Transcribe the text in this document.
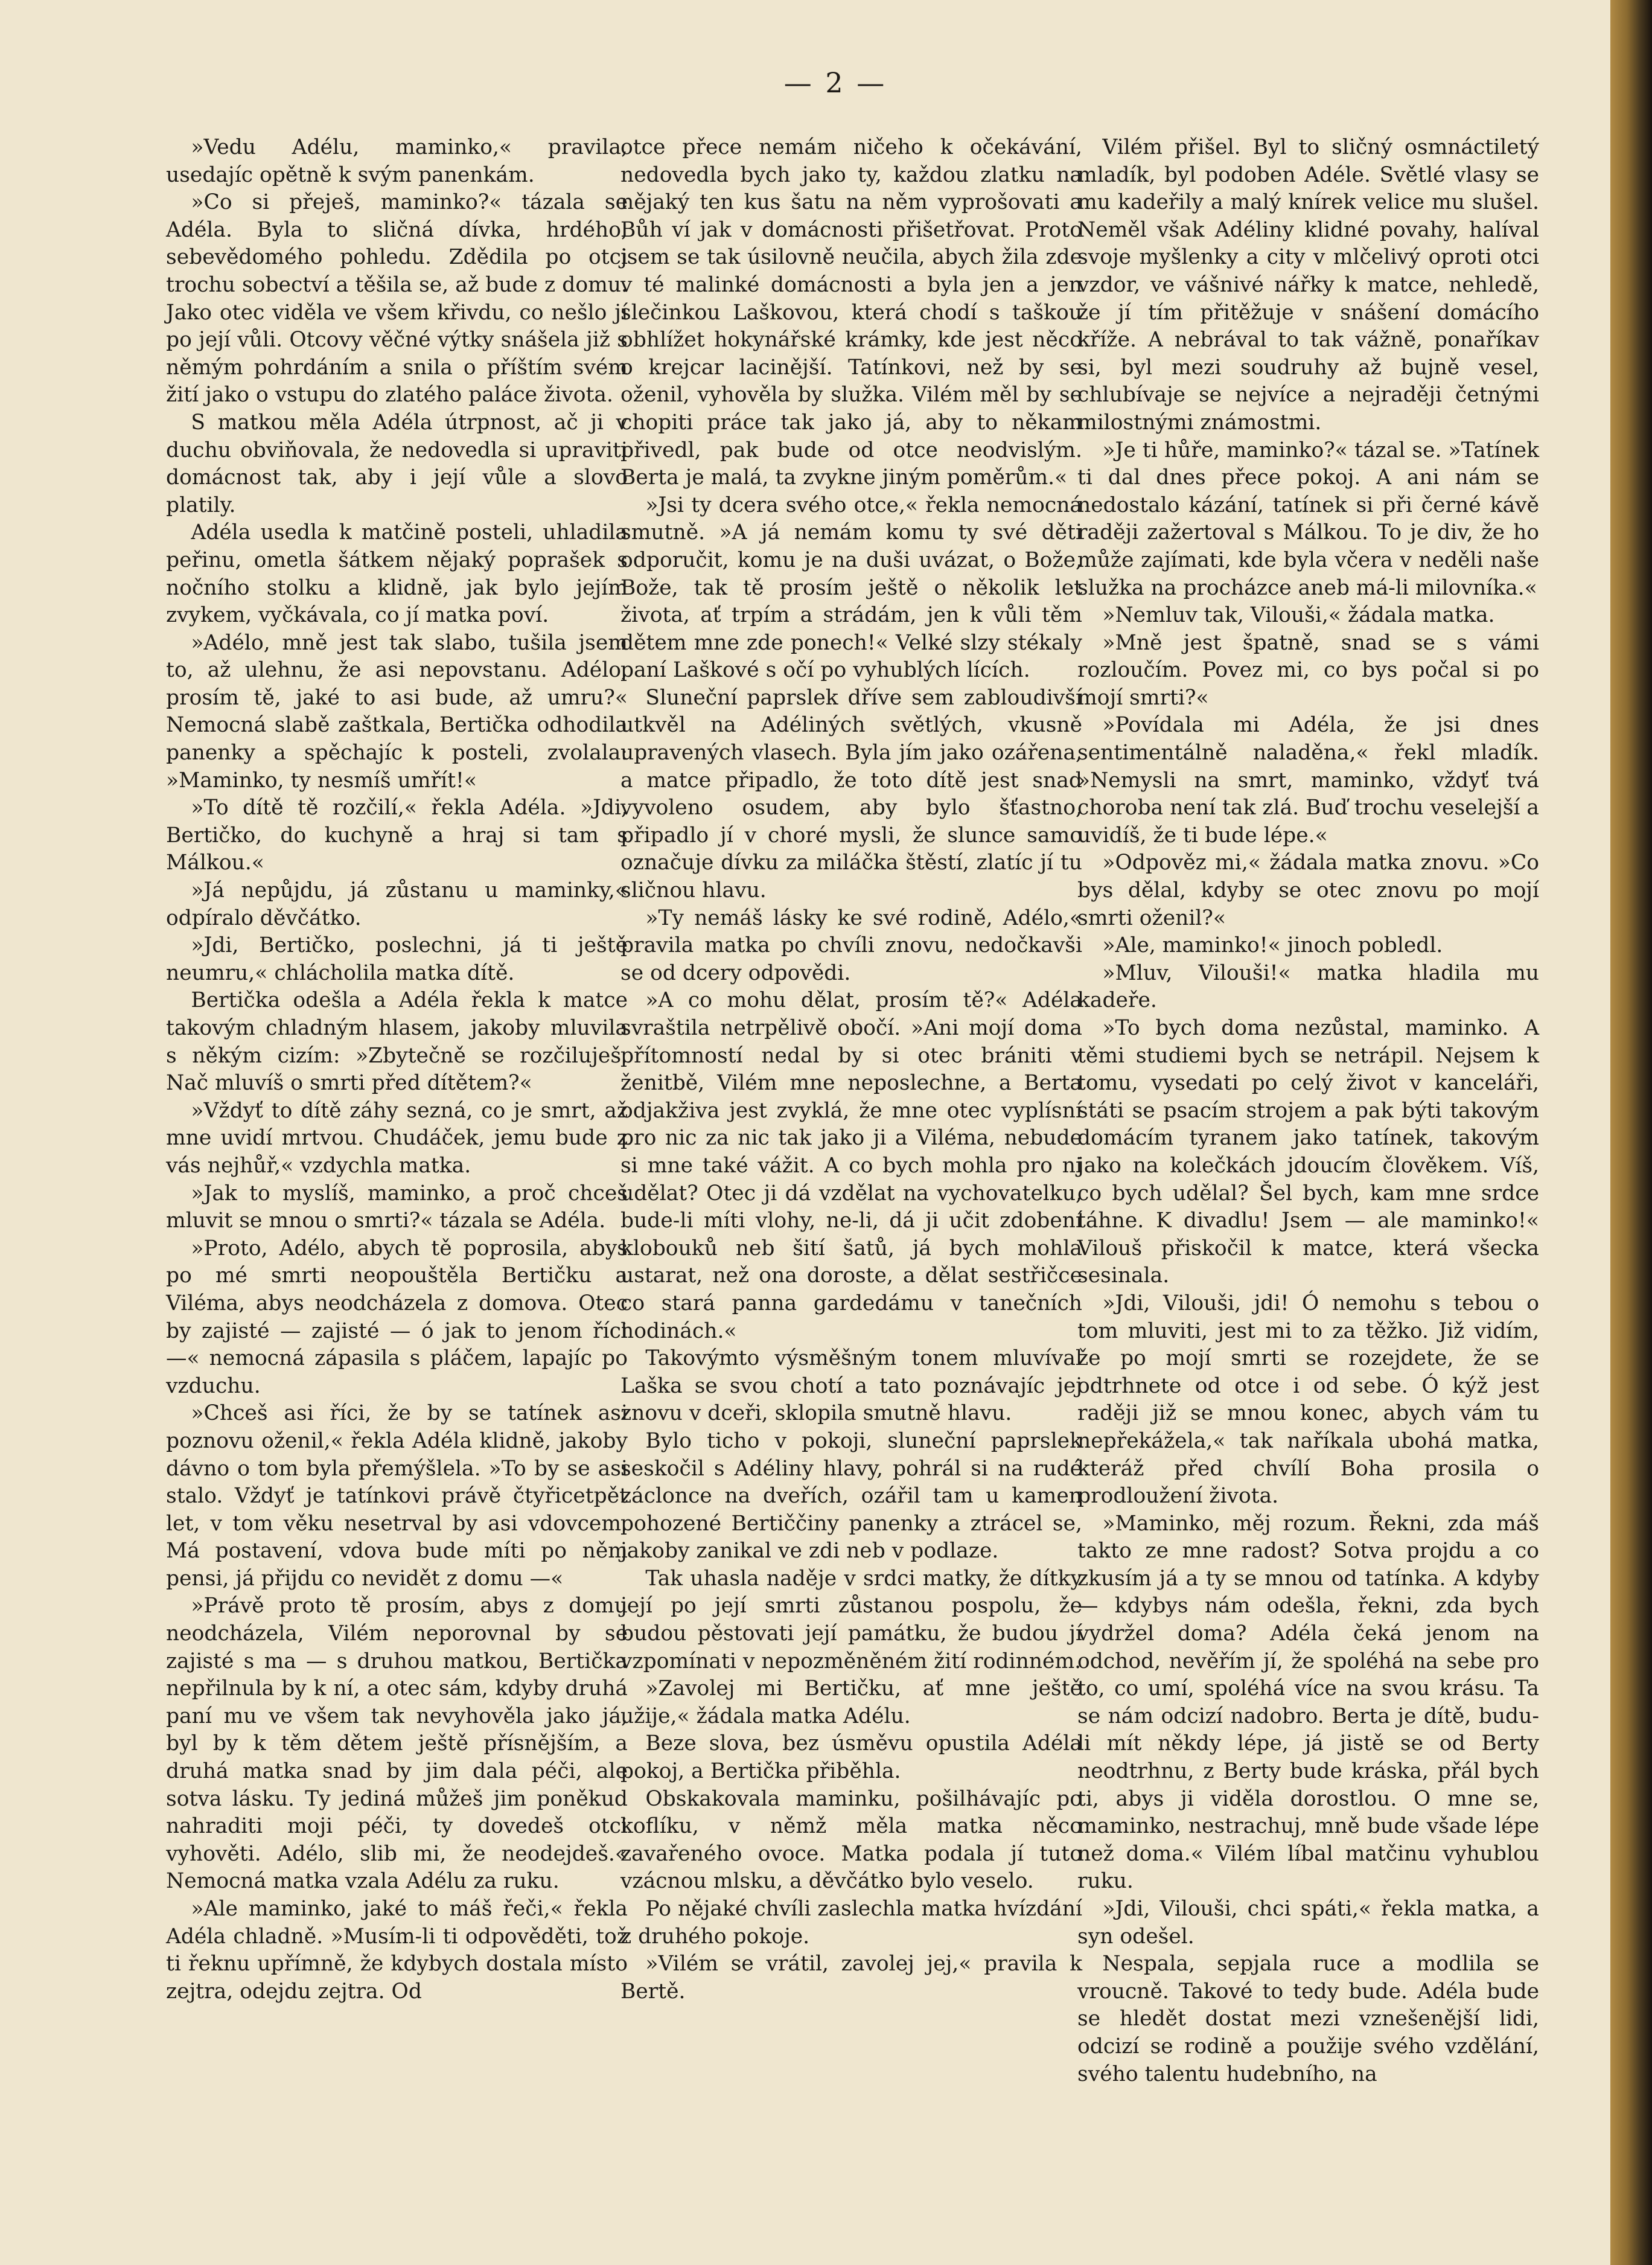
— 2 —

»Vedu Adélu, maminko,« pravila, usedajíc opětně k svým panenkám.

»Co si přeješ, maminko?« tázala se Adéla. Byla to sličná dívka, hrdého, sebevědomého pohledu. Zdědila po otci trochu sobectví a těšila se, až bude z domu. Jako otec viděla ve všem křivdu, co nešlo jí po její vůli. Otcovy věčné výtky snášela již s němým pohrdáním a snila o příštím svém žití jako o vstupu do zlatého paláce života.

S matkou měla Adéla útrpnost, ač ji v duchu obviňovala, že nedovedla si upraviti domácnost tak, aby i její vůle a slovo platily.

Adéla usedla k matčině posteli, uhladila peřinu, ometla šátkem nějaký poprašek s nočního stolku a klidně, jak bylo jejím zvykem, vyčkávala, co jí matka poví.

»Adélo, mně jest tak slabo, tušila jsem to, až ulehnu, že asi nepovstanu. Adélo, prosím tě, jaké to asi bude, až umru?« Nemocná slabě zaštkala, Bertička odhodila panenky a spěchajíc k posteli, zvolala: »Maminko, ty nesmíš umřít!«

»To dítě tě rozčilí,« řekla Adéla. »Jdi, Bertičko, do kuchyně a hraj si tam s Málkou.«

»Já nepůjdu, já zůstanu u maminky,« odpíralo děvčátko.

»Jdi, Bertičko, poslechni, já ti ještě neumru,« chlácholila matka dítě.

Bertička odešla a Adéla řekla k matce takovým chladným hlasem, jakoby mluvila s někým cizím: »Zbytečně se rozčiluješ. Nač mluvíš o smrti před dítětem?«

»Vždyť to dítě záhy sezná, co je smrt, až mne uvidí mrtvou. Chudáček, jemu bude z vás nejhůř,« vzdychla matka.

»Jak to myslíš, maminko, a proč chceš mluvit se mnou o smrti?« tázala se Adéla.

»Proto, Adélo, abych tě poprosila, abys po mé smrti neopouštěla Bertičku a Viléma, abys neodcházela z domova. Otec by zajisté — zajisté — ó jak to jenom říci —« nemocná zápasila s pláčem, lapajíc po vzduchu.

»Chceš asi říci, že by se tatínek asi poznovu oženil,« řekla Adéla klidně, jakoby dávno o tom byla přemýšlela. »To by se asi stalo. Vždyť je tatínkovi právě čtyřicetpět let, v tom věku nesetrval by asi vdovcem. Má postavení, vdova bude míti po něm pensi, já přijdu co nevidět z domu —«

»Právě proto tě prosím, abys z domu neodcházela, Vilém neporovnal by se zajisté s ma — s druhou matkou, Bertička nepřilnula by k ní, a otec sám, kdyby druhá paní mu ve všem tak nevyhověla jako já, byl by k těm dětem ještě přísnějším, a druhá matka snad by jim dala péči, ale sotva lásku. Ty jediná můžeš jim poněkud nahraditi moji péči, ty dovedeš otci vyhověti. Adélo, slib mi, že neodejdeš.« Nemocná matka vzala Adélu za ruku.

»Ale maminko, jaké to máš řeči,« řekla Adéla chladně. »Musím-li ti odpověděti, tož ti řeknu upřímně, že kdybych dostala místo zejtra, odejdu zejtra. Od

otce přece nemám ničeho k očekávání, nedovedla bych jako ty, každou zlatku na nějaký ten kus šatu na něm vyprošovati a Bůh ví jak v domácnosti přišetřovat. Proto jsem se tak úsilovně neučila, abych žila zde v té malinké domácnosti a byla jen a jen slečinkou Laškovou, která chodí s taškou obhlížet hokynářské krámky, kde jest něco o krejcar lacinější. Tatínkovi, než by se oženil, vyhověla by služka. Vilém měl by se chopiti práce tak jako já, aby to někam přivedl, pak bude od otce neodvislým. Berta je malá, ta zvykne jiným poměrům.«

»Jsi ty dcera svého otce,« řekla nemocná smutně. »A já nemám komu ty své děti odporučit, komu je na duši uvázat, o Bože, Bože, tak tě prosím ještě o několik let života, ať trpím a strádám, jen k vůli těm dětem mne zde ponech!« Velké slzy stékaly paní Laškové s očí po vyhublých lících.

Sluneční paprslek dříve sem zabloudivší utkvěl na Adéliných světlých, vkusně upravených vlasech. Byla jím jako ozářena, a matce připadlo, že toto dítě jest snad vyvoleno osudem, aby bylo šťastno, připadlo jí v choré mysli, že slunce samo označuje dívku za miláčka štěstí, zlatíc jí tu sličnou hlavu.

»Ty nemáš lásky ke své rodině, Adélo,« pravila matka po chvíli znovu, nedočkavši se od dcery odpovědi.

»A co mohu dělat, prosím tě?« Adéla svraštila netrpělivě obočí. »Ani mojí doma přítomností nedal by si otec brániti v ženitbě, Vilém mne neposlechne, a Berta odjakživa jest zvyklá, že mne otec vyplísní pro nic za nic tak jako ji a Viléma, nebude si mne také vážit. A co bych mohla pro ni udělat? Otec ji dá vzdělat na vychovatelku, bude-li míti vlohy, ne-li, dá ji učit zdobení klobouků neb šití šatů, já bych mohla ustarat, než ona doroste, a dělat sestřičce co stará panna gardedámu v tanečních hodinách.«

Takovýmto výsměšným tonem mluvíval Laška se svou chotí a tato poznávajíc jej znovu v dceři, sklopila smutně hlavu.

Bylo ticho v pokoji, sluneční paprslek seskočil s Adéliny hlavy, pohrál si na rudé záclonce na dveřích, ozářil tam u kamen pohozené Bertiččiny panenky a ztrácel se, jakoby zanikal ve zdi neb v podlaze.

Tak uhasla naděje v srdci matky, že dítky její po její smrti zůstanou pospolu, že budou pěstovati její památku, že budou jí vzpomínati v nepozměněném žití rodinném.

»Zavolej mi Bertičku, ať mne ještě užije,« žádala matka Adélu.

Beze slova, bez úsměvu opustila Adéla pokoj, a Bertička přiběhla.

Obskakovala maminku, pošilhávajíc po koflíku, v němž měla matka něco zavařeného ovoce. Matka podala jí tuto vzácnou mlsku, a děvčátko bylo veselo.

Po nějaké chvíli zaslechla matka hvízdání z druhého pokoje.

»Vilém se vrátil, zavolej jej,« pravila k Bertě.

Vilém přišel. Byl to sličný osmnáctiletý mladík, byl podoben Adéle. Světlé vlasy se mu kadeřily a malý knírek velice mu slušel. Neměl však Adéliny klidné povahy, halíval svoje myšlenky a city v mlčelivý oproti otci vzdor, ve vášnivé nářky k matce, nehledě, že jí tím přitěžuje v snášení domácího kříže. A nebrával to tak vážně, ponaříkav si, byl mezi soudruhy až bujně vesel, chlubívaje se nejvíce a nejraději četnými milostnými známostmi.

»Je ti hůře, maminko?« tázal se. »Tatínek ti dal dnes přece pokoj. A ani nám se nedostalo kázání, tatínek si při černé kávě raději zažertoval s Málkou. To je div, že ho může zajímati, kde byla včera v neděli naše služka na procházce aneb má-li milovníka.«

»Nemluv tak, Vilouši,« žádala matka.

»Mně jest špatně, snad se s vámi rozloučím. Povez mi, co bys počal si po mojí smrti?«

»Povídala mi Adéla, že jsi dnes sentimentálně naladěna,« řekl mladík. »Nemysli na smrt, maminko, vždyť tvá choroba není tak zlá. Buď trochu veselejší a uvidíš, že ti bude lépe.«

»Odpověz mi,« žádala matka znovu. »Co bys dělal, kdyby se otec znovu po mojí smrti oženil?«

»Ale, maminko!« jinoch pobledl.

»Mluv, Vilouši!« matka hladila mu kadeře.

»To bych doma nezůstal, maminko. A těmi studiemi bych se netrápil. Nejsem k tomu, vysedati po celý život v kanceláři, státi se psacím strojem a pak býti takovým domácím tyranem jako tatínek, takovým jako na kolečkách jdoucím člověkem. Víš, co bych udělal? Šel bych, kam mne srdce táhne. K divadlu! Jsem — ale maminko!« Vilouš přiskočil k matce, která všecka sesinala.

»Jdi, Vilouši, jdi! Ó nemohu s tebou o tom mluviti, jest mi to za těžko. Již vidím, že po mojí smrti se rozejdete, že se odtrhnete od otce i od sebe. Ó kýž jest raději již se mnou konec, abych vám tu nepřekážela,« tak naříkala ubohá matka, kteráž před chvílí Boha prosila o prodloužení života.

»Maminko, měj rozum. Řekni, zda máš takto ze mne radost? Sotva projdu a co zkusím já a ty se mnou od tatínka. A kdyby — kdybys nám odešla, řekni, zda bych vydržel doma? Adéla čeká jenom na odchod, nevěřím jí, že spoléhá na sebe pro to, co umí, spoléhá více na svou krásu. Ta se nám odcizí nadobro. Berta je dítě, budu-li mít někdy lépe, já jistě se od Berty neodtrhnu, z Berty bude kráska, přál bych ti, abys ji viděla dorostlou. O mne se, maminko, nestrachuj, mně bude všade lépe než doma.« Vilém líbal matčinu vyhublou ruku.

»Jdi, Vilouši, chci spáti,« řekla matka, a syn odešel.

Nespala, sepjala ruce a modlila se vroucně. Takové to tedy bude. Adéla bude se hledět dostat mezi vznešenější lidi, odcizí se rodině a použije svého vzdělání, svého talentu hudebního, na
